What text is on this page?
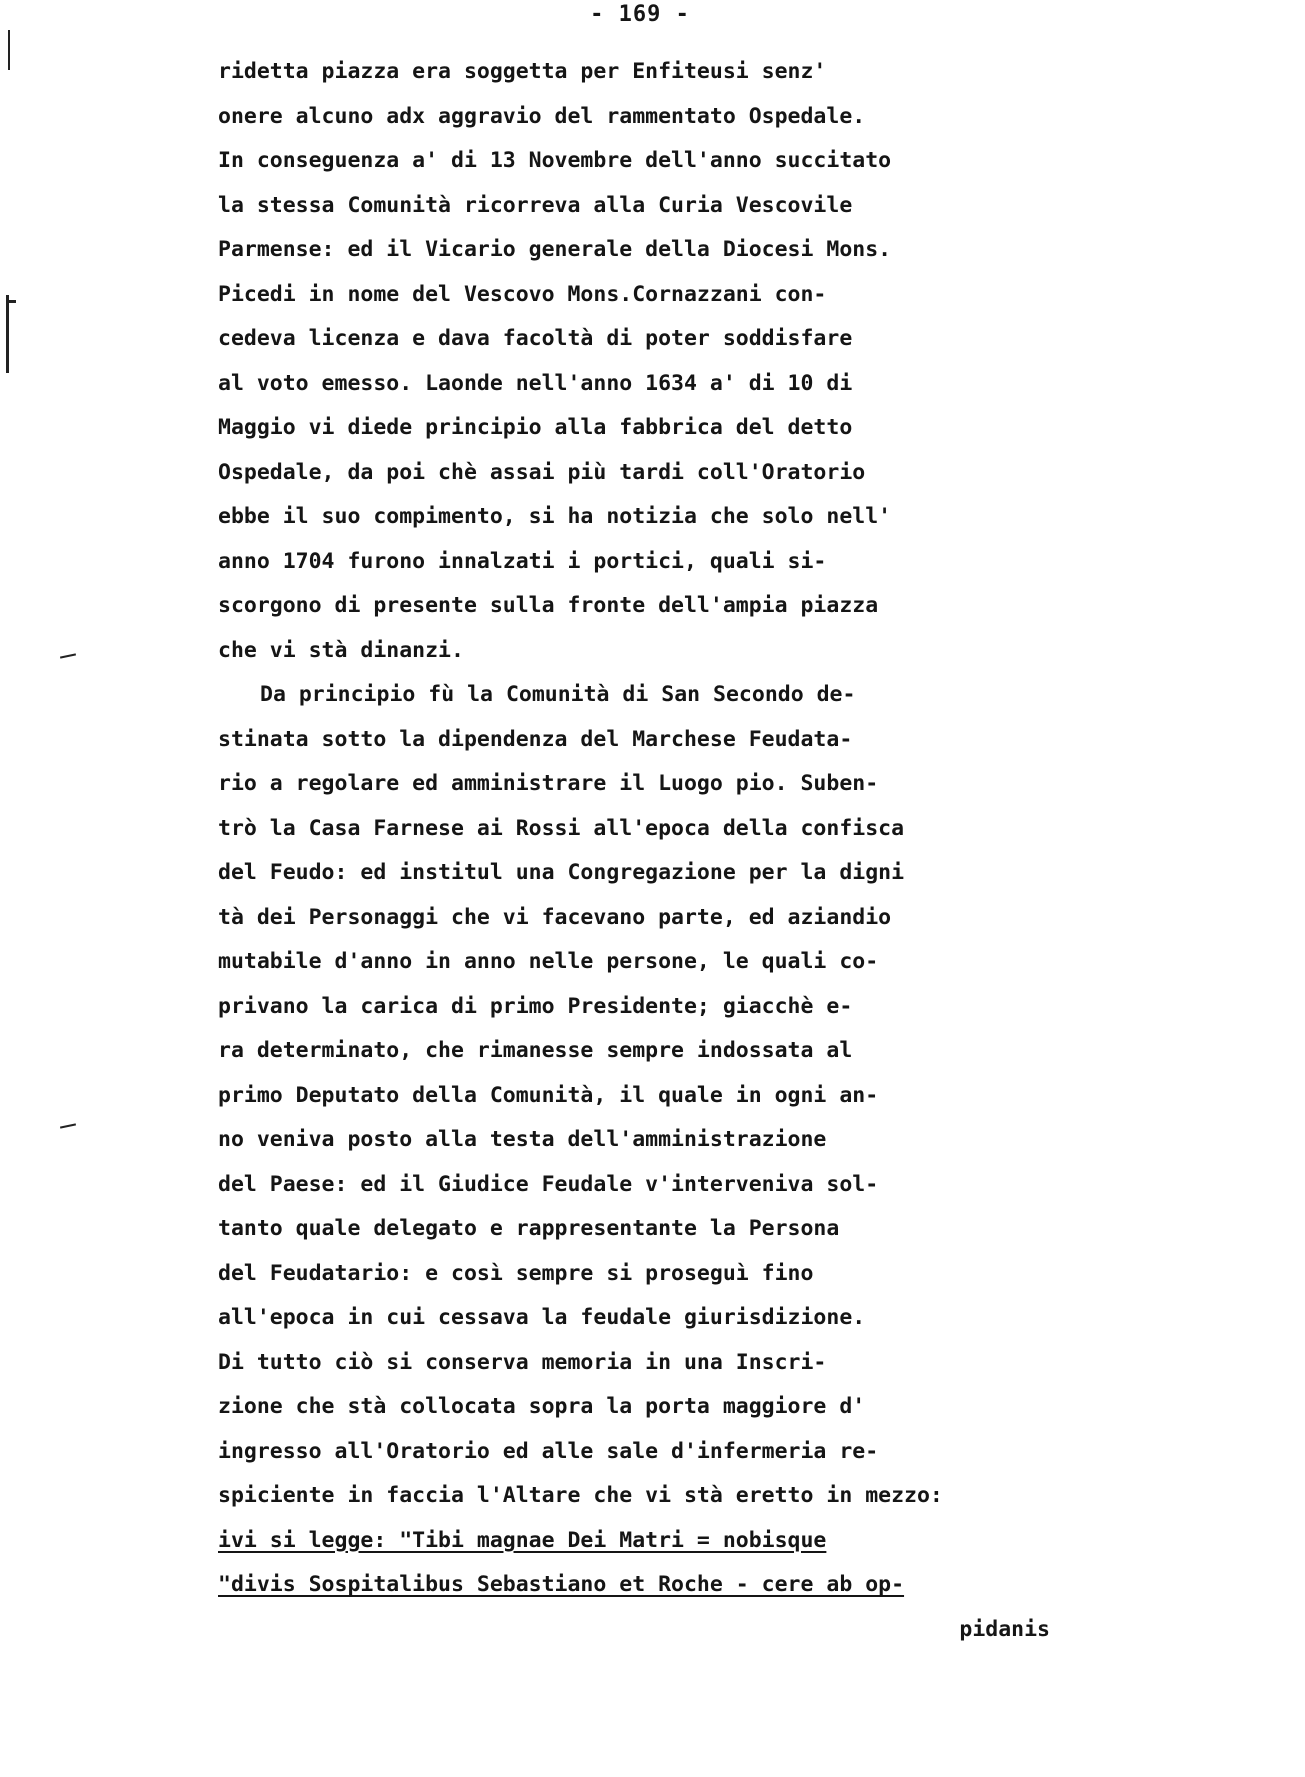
- 169 -
ridetta piazza era soggetta per Enfiteusi senz'
onere alcuno adx aggravio del rammentato Ospedale.
In conseguenza a' di 13 Novembre dell'anno succitato
la stessa Comunità ricorreva alla Curia Vescovile
Parmense: ed il Vicario generale della Diocesi Mons.
Picedi in nome del Vescovo Mons.Cornazzani con-
cedeva licenza e dava facoltà di poter soddisfare
al voto emesso. Laonde nell'anno 1634 a' di 10 di
Maggio vi diede principio alla fabbrica del detto
Ospedale, da poi chè assai più tardi coll'Oratorio
ebbe il suo compimento, si ha notizia che solo nell'
anno 1704 furono innalzati i portici, quali si-
scorgono di presente sulla fronte dell'ampia piazza
che vi stà dinanzi.
Da principio fù la Comunità di San Secondo de-
stinata sotto la dipendenza del Marchese Feudata-
rio a regolare ed amministrare il Luogo pio. Suben-
trò la Casa Farnese ai Rossi all'epoca della confisca
del Feudo: ed institul una Congregazione per la digni
tà dei Personaggi che vi facevano parte, ed aziandio
mutabile d'anno in anno nelle persone, le quali co-
privano la carica di primo Presidente; giacchè e-
ra determinato, che rimanesse sempre indossata al
primo Deputato della Comunità, il quale in ogni an-
no veniva posto alla testa dell'amministrazione
del Paese: ed il Giudice Feudale v'interveniva sol-
tanto quale delegato e rappresentante la Persona
del Feudatario: e così sempre si proseguì fino
all'epoca in cui cessava la feudale giurisdizione.
Di tutto ciò si conserva memoria in una Inscri-
zione che stà collocata sopra la porta maggiore d'
ingresso all'Oratorio ed alle sale d'infermeria re-
spiciente in faccia l'Altare che vi stà eretto in mezzo:
ivi si legge: "Tibi magnae Dei Matri = nobisque
"divis Sospitalibus Sebastiano et Roche - cere ab op-
pidanis
